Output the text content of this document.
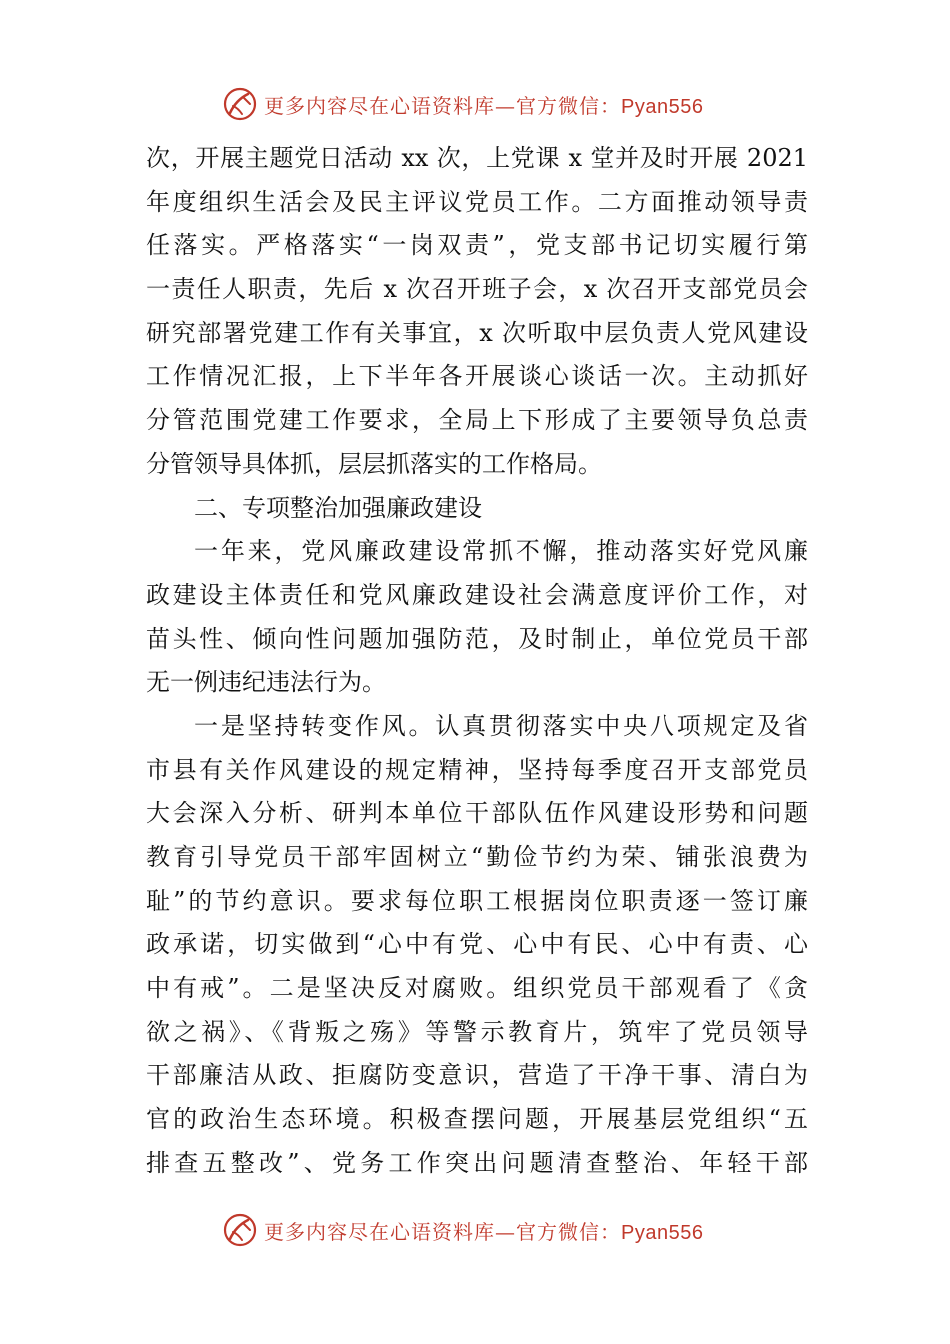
更多内容尽在心语资料库—官方微信：Pyan556
次，开展主题党日活动 xx 次，上党课 x 堂并及时开展 2021
年度组织生活会及民主评议党员工作。二方面推动领导责
任落实。严格落实“一岗双责”，党支部书记切实履行第
一责任人职责，先后 x 次召开班子会，x 次召开支部党员会
研究部署党建工作有关事宜，x 次听取中层负责人党风建设
工作情况汇报，上下半年各开展谈心谈话一次。主动抓好
分管范围党建工作要求，全局上下形成了主要领导负总责
分管领导具体抓，层层抓落实的工作格局。
二、专项整治加强廉政建设
一年来，党风廉政建设常抓不懈，推动落实好党风廉
政建设主体责任和党风廉政建设社会满意度评价工作，对
苗头性、倾向性问题加强防范，及时制止，单位党员干部
无一例违纪违法行为。
一是坚持转变作风。认真贯彻落实中央八项规定及省
市县有关作风建设的规定精神，坚持每季度召开支部党员
大会深入分析、研判本单位干部队伍作风建设形势和问题
教育引导党员干部牢固树立“勤俭节约为荣、铺张浪费为
耻”的节约意识。要求每位职工根据岗位职责逐一签订廉
政承诺，切实做到“心中有党、心中有民、心中有责、心
中有戒”。二是坚决反对腐败。组织党员干部观看了《贪
欲之祸》、《背叛之殇》等警示教育片，筑牢了党员领导
干部廉洁从政、拒腐防变意识，营造了干净干事、清白为
官的政治生态环境。积极查摆问题，开展基层党组织“五
排查五整改”、党务工作突出问题清查整治、年轻干部
更多内容尽在心语资料库—官方微信：Pyan556
